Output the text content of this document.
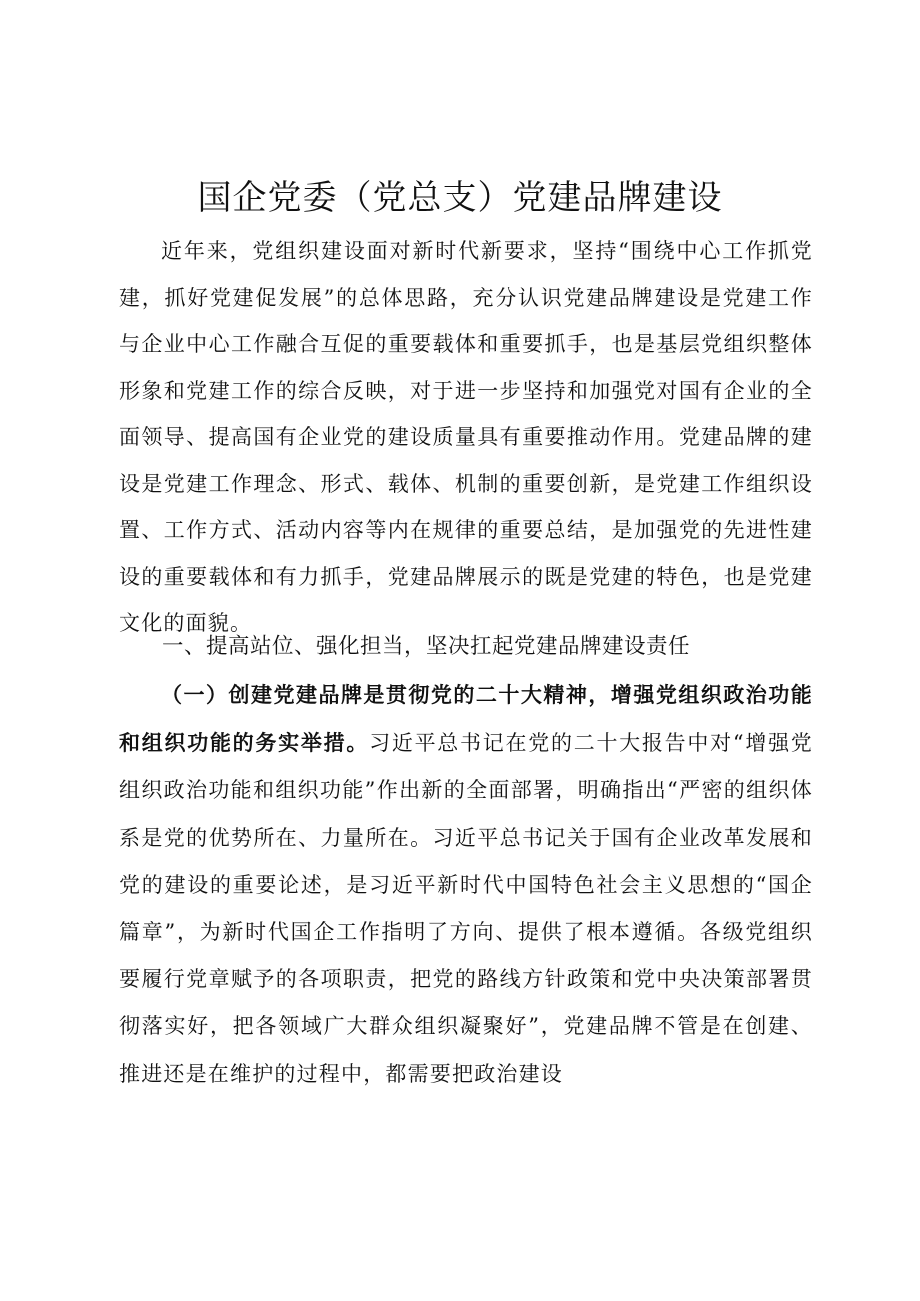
国企党委（党总支）党建品牌建设

近年来，党组织建设面对新时代新要求，坚持“围绕中心工作抓党建，抓好党建促发展”的总体思路，充分认识党建品牌建设是党建工作与企业中心工作融合互促的重要载体和重要抓手，也是基层党组织整体形象和党建工作的综合反映，对于进一步坚持和加强党对国有企业的全面领导、提高国有企业党的建设质量具有重要推动作用。党建品牌的建设是党建工作理念、形式、载体、机制的重要创新，是党建工作组织设置、工作方式、活动内容等内在规律的重要总结，是加强党的先进性建设的重要载体和有力抓手，党建品牌展示的既是党建的特色，也是党建文化的面貌。

一、提高站位、强化担当，坚决扛起党建品牌建设责任

（一）创建党建品牌是贯彻党的二十大精神，增强党组织政治功能和组织功能的务实举措。习近平总书记在党的二十大报告中对“增强党组织政治功能和组织功能”作出新的全面部署，明确指出“严密的组织体系是党的优势所在、力量所在。习近平总书记关于国有企业改革发展和党的建设的重要论述，是习近平新时代中国特色社会主义思想的“国企篇章”，为新时代国企工作指明了方向、提供了根本遵循。各级党组织要履行党章赋予的各项职责，把党的路线方针政策和党中央决策部署贯彻落实好，把各领域广大群众组织凝聚好”，党建品牌不管是在创建、推进还是在维护的过程中，都需要把政治建设
